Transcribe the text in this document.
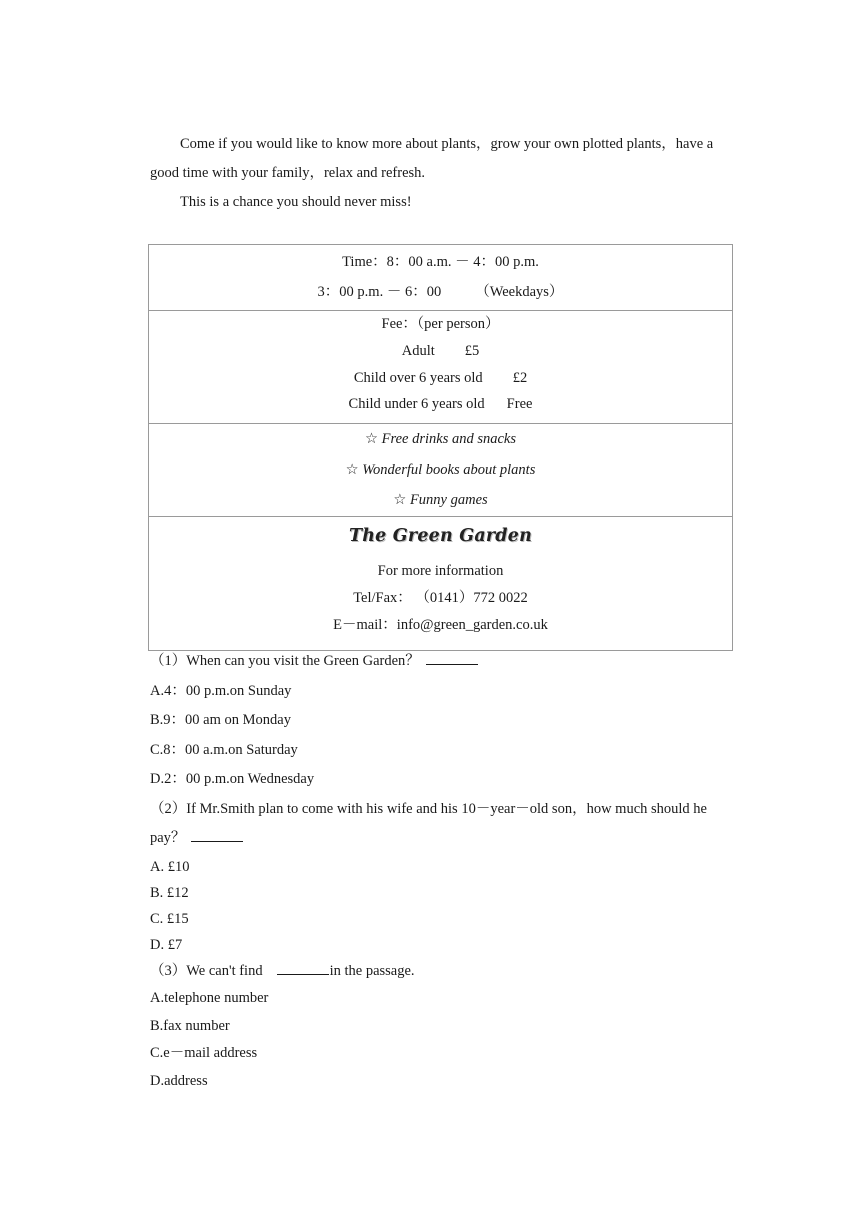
Come if you would like to know more about plants，grow your own plotted plants，have a good time with your family，relax and refresh.

This is a chance you should never miss!

Time：8：00 a.m. － 4：00 p.m.
3：00 p.m. － 6：00 （Weekdays）

Fee：（per person）
Adult £5
Child over 6 years old £2
Child under 6 years old Free

☆ Free drinks and snacks
☆ Wonderful books about plants
☆ Funny games

The Green Garden
For more information
Tel/Fax： （0141）772 0022
E－mail：info@green_garden.co.uk

（1）When can you visit the Green Garden？

A.4：00 p.m.on Sunday

B.9：00 am on Monday

C.8：00 a.m.on Saturday

D.2：00 p.m.on Wednesday

（2）If Mr.Smith plan to come with his wife and his 10－year－old son，how much should he

pay？

A. £10

B. £12

C. £15

D. £7

（3）We can't find	in the passage.

A.telephone number

B.fax number

C.e－mail address

D.address
